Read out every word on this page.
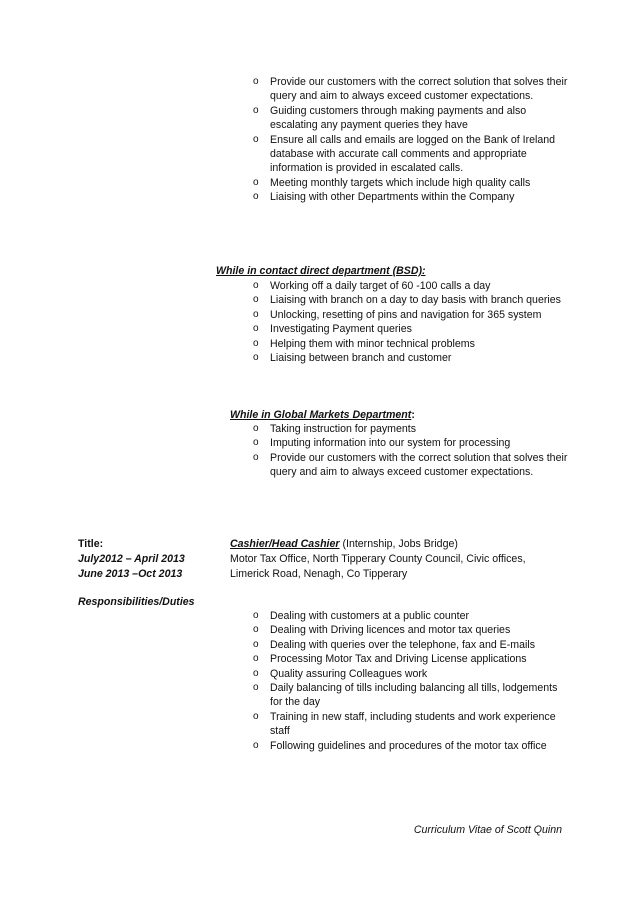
o Provide our customers with the correct solution that solves their query and aim to always exceed customer expectations.
o Guiding customers through making payments and also escalating any payment queries they have
o Ensure all calls and emails are logged on the Bank of Ireland database with accurate call comments and appropriate information is provided in escalated calls.
o Meeting monthly targets which include high quality calls
o Liaising with other Departments within the Company
While in contact direct department (BSD):
o Working off a daily target of 60 -100 calls a day
o Liaising with branch on a day to day basis with branch queries
o Unlocking, resetting of pins and navigation for 365 system
o Investigating Payment queries
o Helping them with minor technical problems
o Liaising between branch and customer
While in Global Markets Department:
o Taking instruction for payments
o Imputing information into our system for processing
o Provide our customers with the correct solution that solves their query and aim to always exceed customer expectations.
Title:
July2012 – April 2013
June 2013 –Oct 2013
Cashier/Head Cashier (Internship, Jobs Bridge)
Motor Tax Office, North Tipperary County Council, Civic offices,
Limerick Road, Nenagh, Co Tipperary
Responsibilities/Duties
o Dealing with customers at a public counter
o Dealing with Driving licences and motor tax queries
o Dealing with queries over the telephone, fax and E-mails
o Processing Motor Tax and Driving License applications
o Quality assuring Colleagues work
o Daily balancing of tills including balancing all tills, lodgements for the day
o Training in new staff, including students and work experience staff
o Following guidelines and procedures of the motor tax office
Curriculum Vitae of Scott Quinn
